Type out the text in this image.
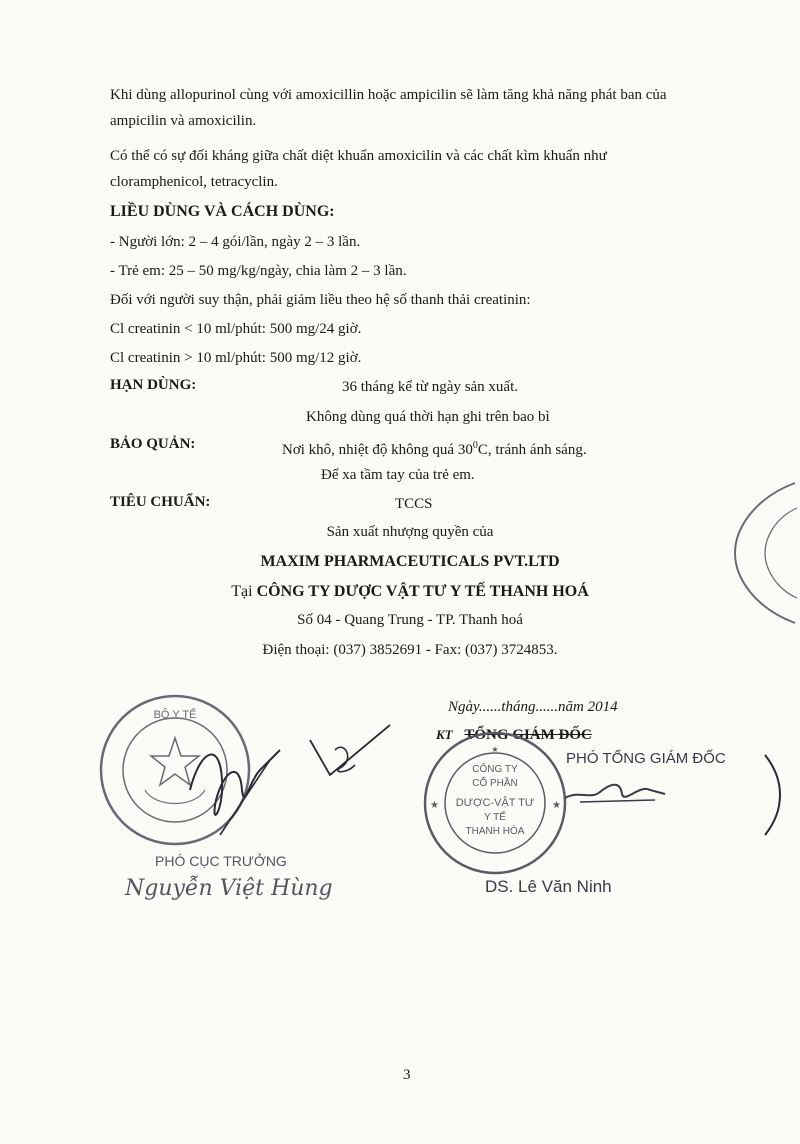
Khi dùng allopurinol cùng với amoxicillin hoặc ampicilin sẽ làm tăng khả năng phát ban của
ampicilin và amoxicilin.
Có thể có sự đối kháng giữa chất diệt khuẩn amoxicilin và các chất kìm khuẩn như
cloramphenicol, tetracyclin.
LIỀU DÙNG VÀ CÁCH DÙNG:
- Người lớn: 2 – 4 gói/lần, ngày 2 – 3 lần.
- Trẻ em: 25 – 50 mg/kg/ngày, chia làm 2 – 3 lần.
Đối với người suy thận, phải giảm liều theo hệ số thanh thải creatinin:
Cl creatinin < 10 ml/phút: 500 mg/24 giờ.
Cl creatinin > 10 ml/phút: 500 mg/12 giờ.
HẠN DÙNG:	36 tháng kể từ ngày sản xuất.
Không dùng quá thời hạn ghi trên bao bì
BẢO QUẢN:	Nơi khô, nhiệt độ không quá $30^0C$, tránh ánh sáng.
Để xa tầm tay của trẻ em.
TIÊU CHUẨN:	TCCS
Sản xuất nhượng quyền của
MAXIM PHARMACEUTICALS PVT.LTD
Tại CÔNG TY DƯỢC VẬT TƯ Y TẾ THANH HOÁ
Số 04 - Quang Trung - TP. Thanh hoá
Điện thoại: (037) 3852691 - Fax: (037) 3724853.
Ngày......tháng......năm 2014
KT TỔNG GIÁM ĐỐC
PHÓ TỔNG GIÁM ĐỐC
★
★	★
CÔNG TY
CỔ PHẦN
DƯỢC-VẬT TƯ
Y TẾ
THANH HÓA
DS. Lê Văn Ninh
BỘ Y TẾ
PHÓ CỤC TRƯỞNG
Nguyễn Việt Hùng
3
